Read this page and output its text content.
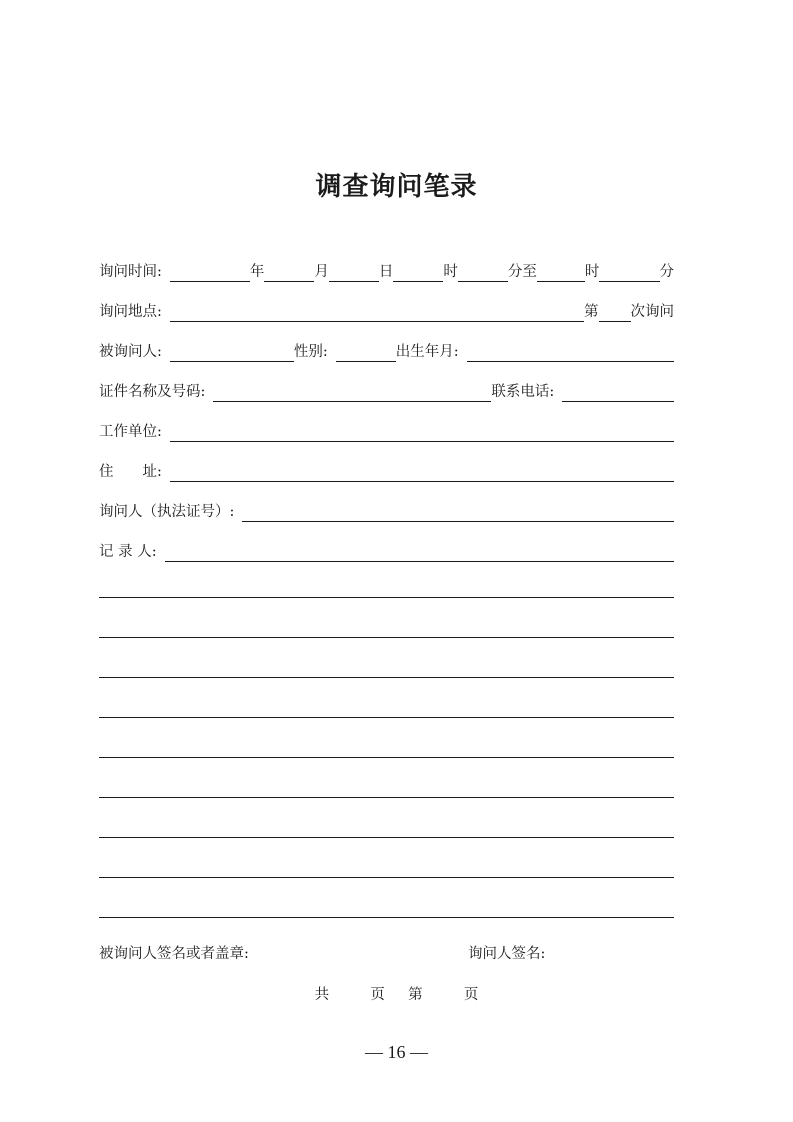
调查询问笔录
询问时间:	年	月	日	时	分至	时	分
询问地点:	第 次询问
被询问人:	性别:	出生年月:
证件名称及号码:	联系电话:
工作单位:
住 址:
询问人（执法证号）:
记 录 人:
被询问人签名或者盖章:	询问人签名:
共	页 第	页
— 16 —
